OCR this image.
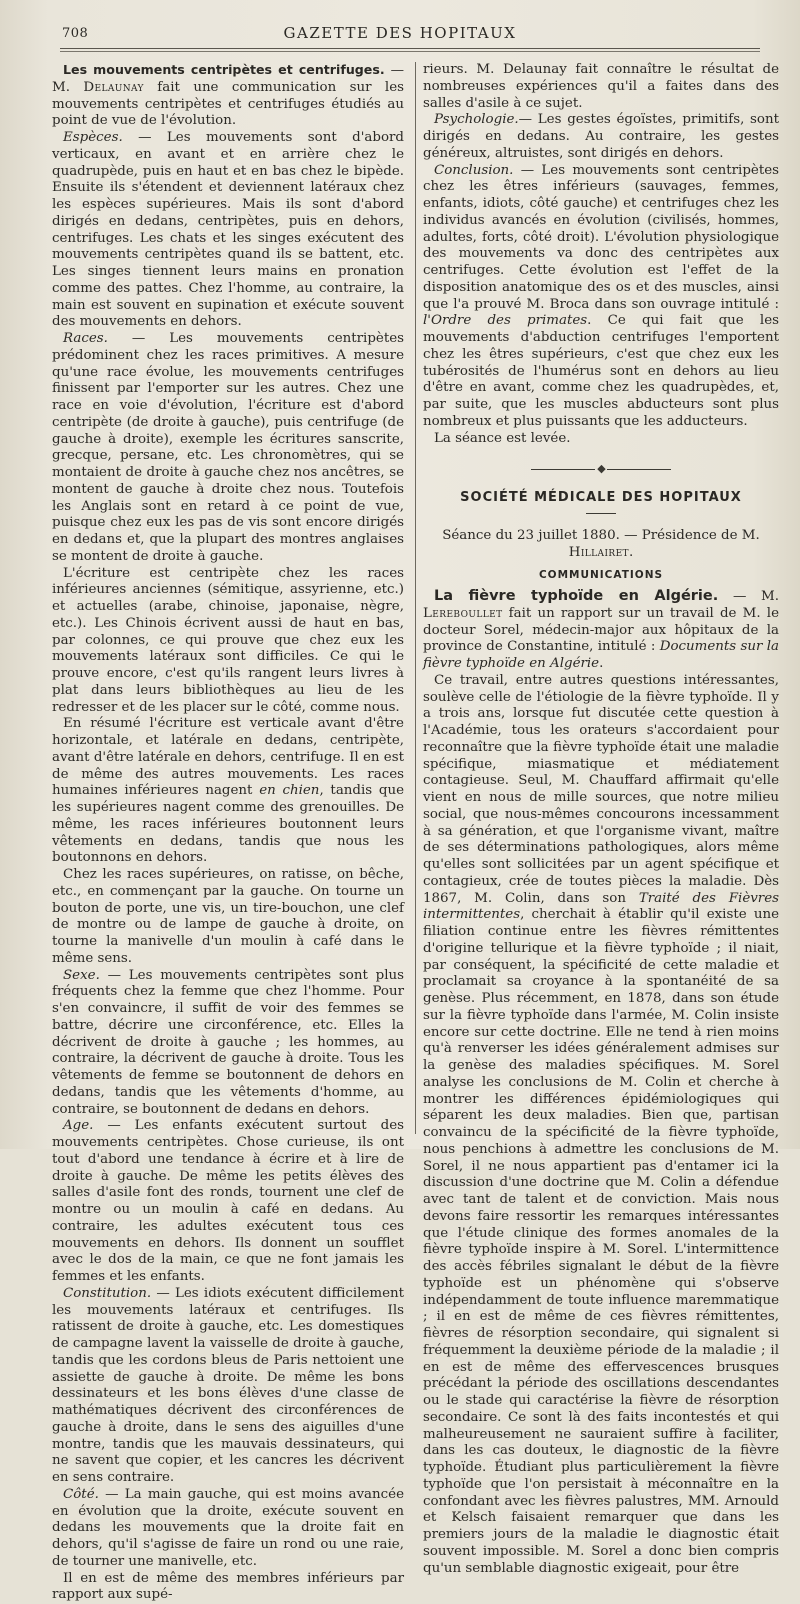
708	GAZETTE DES HOPITAUX

Les mouvements centripètes et centrifuges. — M. Delaunay fait une communication sur les mouvements centripètes et centrifuges étudiés au point de vue de l'évolution.

Espèces. — Les mouvements sont d'abord verticaux, en avant et en arrière chez le quadrupède, puis en haut et en bas chez le bipède. Ensuite ils s'étendent et deviennent latéraux chez les espèces supérieures. Mais ils sont d'abord dirigés en dedans, centripètes, puis en dehors, centrifuges. Les chats et les singes exécutent des mouvements centripètes quand ils se battent, etc. Les singes tiennent leurs mains en pronation comme des pattes. Chez l'homme, au contraire, la main est souvent en supination et exécute souvent des mouvements en dehors.

Races. — Les mouvements centripètes prédominent chez les races primitives. A mesure qu'une race évolue, les mouvements centrifuges finissent par l'emporter sur les autres. Chez une race en voie d'évolution, l'écriture est d'abord centripète (de droite à gauche), puis centrifuge (de gauche à droite), exemple les écritures sanscrite, grecque, persane, etc. Les chronomètres, qui se montaient de droite à gauche chez nos ancêtres, se montent de gauche à droite chez nous. Toutefois les Anglais sont en retard à ce point de vue, puisque chez eux les pas de vis sont encore dirigés en dedans et, que la plupart des montres anglaises se montent de droite à gauche.

L'écriture est centripète chez les races inférieures anciennes (sémitique, assyrienne, etc.) et actuelles (arabe, chinoise, japonaise, nègre, etc.). Les Chinois écrivent aussi de haut en bas, par colonnes, ce qui prouve que chez eux les mouvements latéraux sont difficiles. Ce qui le prouve encore, c'est qu'ils rangent leurs livres à plat dans leurs bibliothèques au lieu de les redresser et de les placer sur le côté, comme nous.

En résumé l'écriture est verticale avant d'être horizontale, et latérale en dedans, centripète, avant d'être latérale en dehors, centrifuge. Il en est de même des autres mouvements. Les races humaines inférieures nagent en chien, tandis que les supérieures nagent comme des grenouilles. De même, les races inférieures boutonnent leurs vêtements en dedans, tandis que nous les boutonnons en dehors.

Chez les races supérieures, on ratisse, on bêche, etc., en commençant par la gauche. On tourne un bouton de porte, une vis, un tire-bouchon, une clef de montre ou de lampe de gauche à droite, on tourne la manivelle d'un moulin à café dans le même sens.

Sexe. — Les mouvements centripètes sont plus fréquents chez la femme que chez l'homme. Pour s'en convaincre, il suffit de voir des femmes se battre, décrire une circonférence, etc. Elles la décrivent de droite à gauche ; les hommes, au contraire, la décrivent de gauche à droite. Tous les vêtements de femme se boutonnent de dehors en dedans, tandis que les vêtements d'homme, au contraire, se boutonnent de dedans en dehors.

Age. — Les enfants exécutent surtout des mouvements centripètes. Chose curieuse, ils ont tout d'abord une tendance à écrire et à lire de droite à gauche. De même les petits élèves des salles d'asile font des ronds, tournent une clef de montre ou un moulin à café en dedans. Au contraire, les adultes exécutent tous ces mouvements en dehors. Ils donnent un soufflet avec le dos de la main, ce que ne font jamais les femmes et les enfants.

Constitution. — Les idiots exécutent difficilement les mouvements latéraux et centrifuges. Ils ratissent de droite à gauche, etc. Les domestiques de campagne lavent la vaisselle de droite à gauche, tandis que les cordons bleus de Paris nettoient une assiette de gauche à droite. De même les bons dessinateurs et les bons élèves d'une classe de mathématiques décrivent des circonférences de gauche à droite, dans le sens des aiguilles d'une montre, tandis que les mauvais dessinateurs, qui ne savent que copier, et les cancres les décrivent en sens contraire.

Côté. — La main gauche, qui est moins avancée en évolution que la droite, exécute souvent en dedans les mouvements que la droite fait en dehors, qu'il s'agisse de faire un rond ou une raie, de tourner une manivelle, etc.

Il en est de même des membres inférieurs par rapport aux supé-

rieurs. M. Delaunay fait connaître le résultat de nombreuses expériences qu'il a faites dans des salles d'asile à ce sujet.

Psychologie.— Les gestes égoïstes, primitifs, sont dirigés en dedans. Au contraire, les gestes généreux, altruistes, sont dirigés en dehors.

Conclusion. — Les mouvements sont centripètes chez les êtres inférieurs (sauvages, femmes, enfants, idiots, côté gauche) et centrifuges chez les individus avancés en évolution (civilisés, hommes, adultes, forts, côté droit). L'évolution physiologique des mouvements va donc des centripètes aux centrifuges. Cette évolution est l'effet de la disposition anatomique des os et des muscles, ainsi que l'a prouvé M. Broca dans son ouvrage intitulé : l'Ordre des primates. Ce qui fait que les mouvements d'abduction centrifuges l'emportent chez les êtres supérieurs, c'est que chez eux les tubérosités de l'humérus sont en dehors au lieu d'être en avant, comme chez les quadrupèdes, et, par suite, que les muscles abducteurs sont plus nombreux et plus puissants que les adducteurs.

La séance est levée.

◆
SOCIÉTÉ MÉDICALE DES HOPITAUX
Séance du 23 juillet 1880. — Présidence de M. Hillairet.
COMMUNICATIONS

La fièvre typhoïde en Algérie. — M. Lereboullet fait un rapport sur un travail de M. le docteur Sorel, médecin-major aux hôpitaux de la province de Constantine, intitulé : Documents sur la fièvre typhoïde en Algérie.

Ce travail, entre autres questions intéressantes, soulève celle de l'étiologie de la fièvre typhoïde. Il y a trois ans, lorsque fut discutée cette question à l'Académie, tous les orateurs s'accordaient pour reconnaître que la fièvre typhoïde était une maladie spécifique, miasmatique et médiatement contagieuse. Seul, M. Chauffard affirmait qu'elle vient en nous de mille sources, que notre milieu social, que nous-mêmes concourons incessamment à sa génération, et que l'organisme vivant, maître de ses déterminations pathologiques, alors même qu'elles sont sollicitées par un agent spécifique et contagieux, crée de toutes pièces la maladie. Dès 1867, M. Colin, dans son Traité des Fièvres intermittentes, cherchait à établir qu'il existe une filiation continue entre les fièvres rémittentes d'origine tellurique et la fièvre typhoïde ; il niait, par conséquent, la spécificité de cette maladie et proclamait sa croyance à la spontanéité de sa genèse. Plus récemment, en 1878, dans son étude sur la fièvre typhoïde dans l'armée, M. Colin insiste encore sur cette doctrine. Elle ne tend à rien moins qu'à renverser les idées généralement admises sur la genèse des maladies spécifiques. M. Sorel analyse les conclusions de M. Colin et cherche à montrer les différences épidémiologiques qui séparent les deux maladies. Bien que, partisan convaincu de la spécificité de la fièvre typhoïde, nous penchions à admettre les conclusions de M. Sorel, il ne nous appartient pas d'entamer ici la discussion d'une doctrine que M. Colin a défendue avec tant de talent et de conviction. Mais nous devons faire ressortir les remarques intéressantes que l'étude clinique des formes anomales de la fièvre typhoïde inspire à M. Sorel. L'intermittence des accès fébriles signalant le début de la fièvre typhoïde est un phénomène qui s'observe indépendamment de toute influence maremmatique ; il en est de même de ces fièvres rémittentes, fièvres de résorption secondaire, qui signalent si fréquemment la deuxième période de la maladie ; il en est de même des effervescences brusques précédant la période des oscillations descendantes ou le stade qui caractérise la fièvre de résorption secondaire. Ce sont là des faits incontestés et qui malheureusement ne sauraient suffire à faciliter, dans les cas douteux, le diagnostic de la fièvre typhoïde. Étudiant plus particulièrement la fièvre typhoïde que l'on persistait à méconnaître en la confondant avec les fièvres palustres, MM. Arnould et Kelsch faisaient remarquer que dans les premiers jours de la maladie le diagnostic était souvent impossible. M. Sorel a donc bien compris qu'un semblable diagnostic exigeait, pour être
